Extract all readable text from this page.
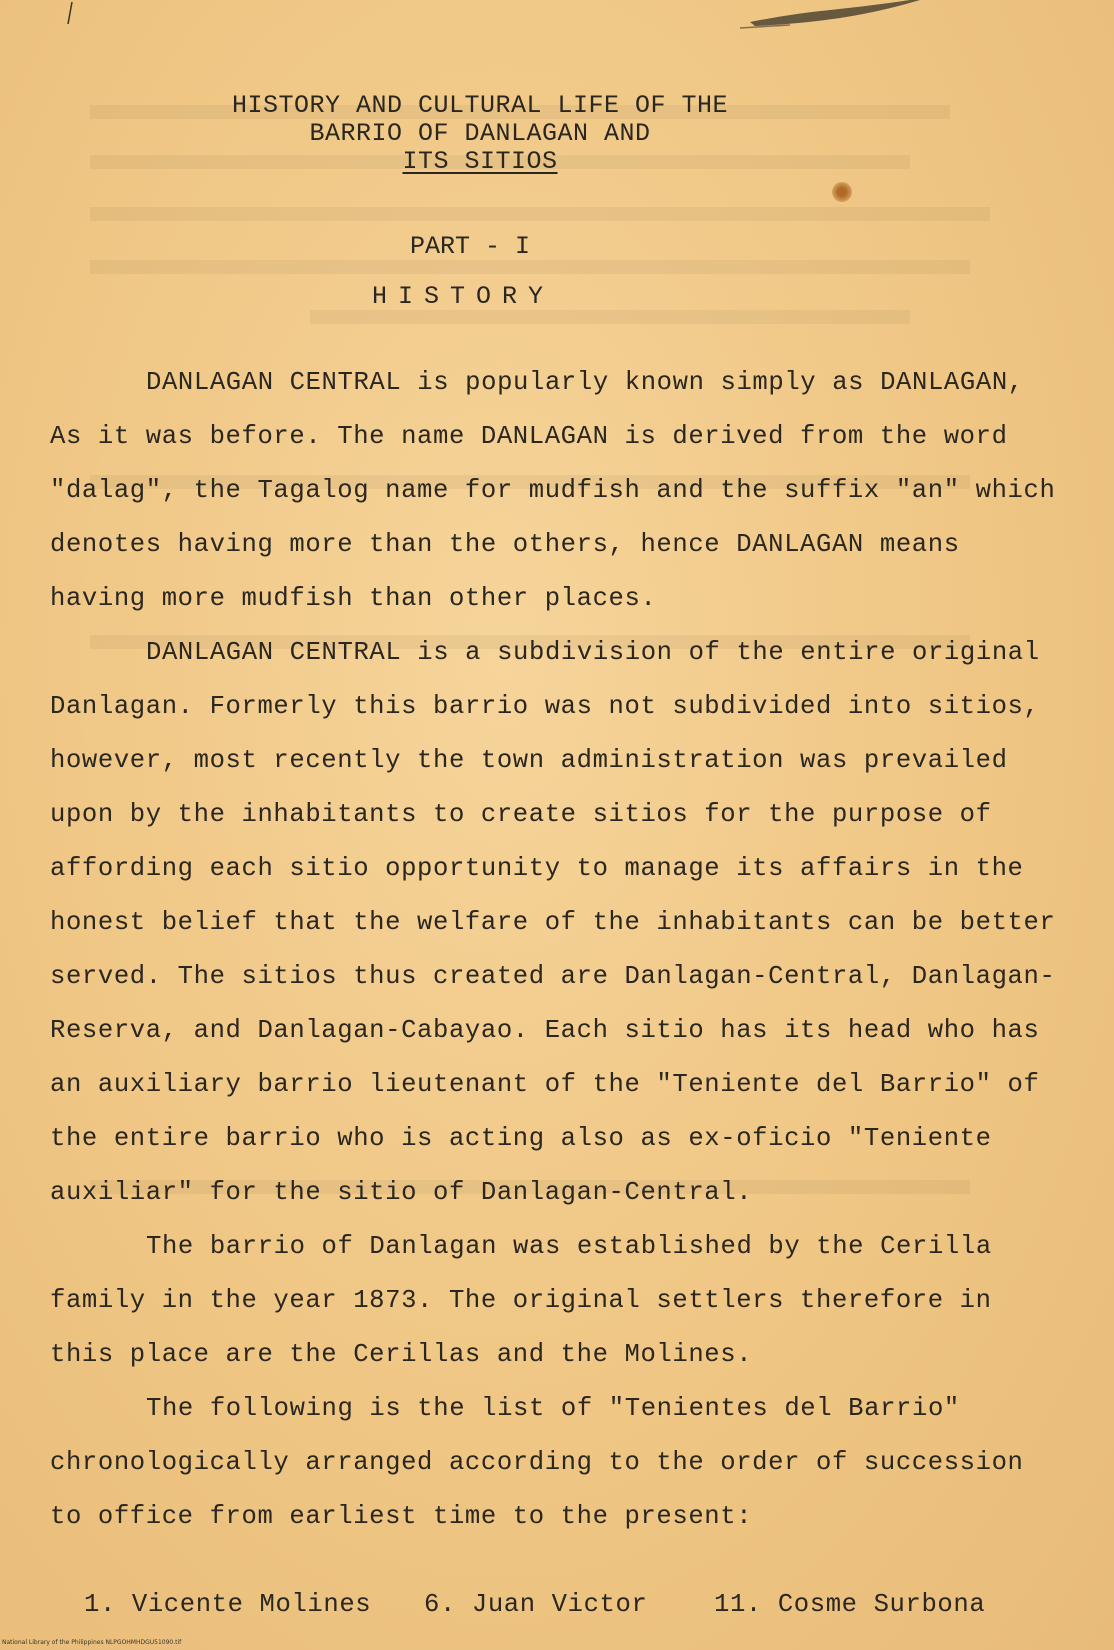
HISTORY AND CULTURAL LIFE OF THE
BARRIO OF DANLAGAN AND
ITS SITIOS
PART - I
HISTORY

DANLAGAN CENTRAL is popularly known simply as DANLAGAN, As it was before. The name DANLAGAN is derived from the word "dalag", the Tagalog name for mudfish and the suffix "an" which denotes having more than the others, hence DANLAGAN means having more mudfish than other places.

DANLAGAN CENTRAL is a subdivision of the entire original Danlagan. Formerly this barrio was not subdivided into sitios, however, most recently the town administration was prevailed upon by the inhabitants to create sitios for the purpose of affording each sitio opportunity to manage its affairs in the honest belief that the welfare of the inhabitants can be better served. The sitios thus created are Danlagan-Central, Danlagan-Reserva, and Danlagan-Cabayao. Each sitio has its head who has an auxiliary barrio lieutenant of the "Teniente del Barrio" of the entire barrio who is acting also as ex-oficio "Teniente auxiliar" for the sitio of Danlagan-Central.

The barrio of Danlagan was established by the Cerilla family in the year 1873. The original settlers therefore in this place are the Cerillas and the Molines.

The following is the list of "Tenientes del Barrio" chronologically arranged according to the order of succession to office from earliest time to the present:

1. Vicente Molines 6. Juan Victor	11. Cosme Surbona
National Library of the Philippines NLPGOHMHDGU51090.tif
